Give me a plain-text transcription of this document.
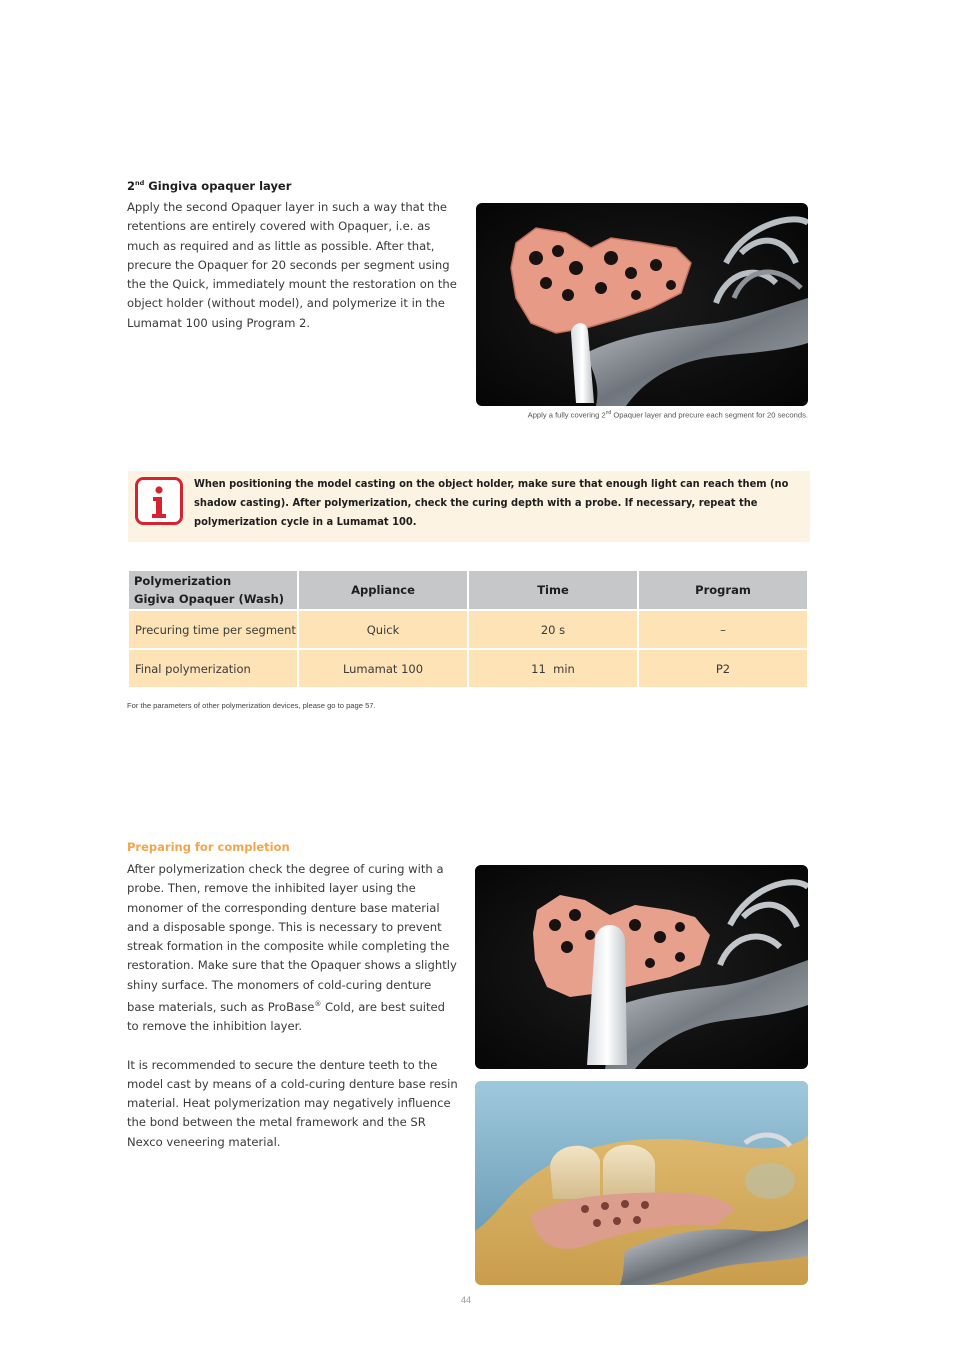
2nd Gingiva opaquer layer

Apply the second Opaquer layer in such a way that the retentions are entirely covered with Opaquer, i.e. as much as required and as little as possible. After that, precure the Opaquer for 20 seconds per segment using the the Quick, immediately mount the restoration on the object holder (without model), and polymerize it in the Lumamat 100 using Program 2.

Apply a fully covering 2nd Opaquer layer and precure each segment for 20 seconds.
When positioning the model casting on the object holder, make sure that enough light can reach them (no shadow casting). After polymerization, check the curing depth with a probe. If necessary, repeat the polymerization cycle in a Lumamat 100.
Polymerization
Gigiva Opaquer (Wash)	Appliance	Time	Program
Precuring time per segment	Quick	20 s	–
Final polymerization	Lumamat 100	11  min	P2
For the parameters of other polymerization devices, please go to page 57.
Preparing for completion

After polymerization check the degree of curing with a probe. Then, remove the inhibited layer using the monomer of the corresponding denture base material and a disposable sponge. This is necessary to prevent streak formation in the composite while completing the restoration. Make sure that the Opaquer shows a slightly shiny surface. The monomers of cold-curing denture base materials, such as ProBase® Cold, are best suited to remove the inhibition layer.

It is recommended to secure the denture teeth to the model cast by means of a cold-curing denture base resin material. Heat polymerization may negatively influence the bond between the metal framework and the SR Nexco veneering material.

44
